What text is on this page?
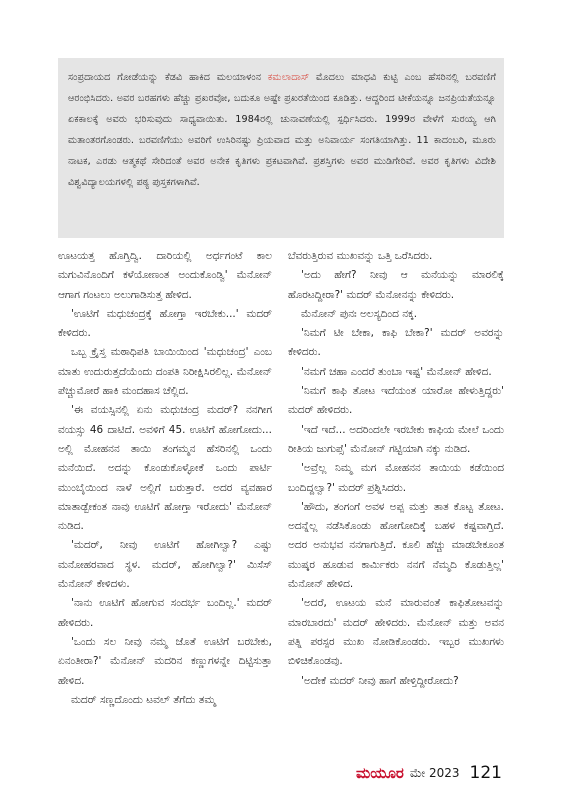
ಸಂಪ್ರದಾಯದ ಗೋಡೆಯನ್ನು ಕೆಡವಿ ಹಾಕಿದ ಮಲಯಾಳಂನ ಕಮಲಾದಾಸ್ ಮೊದಲು ಮಾಧವಿ ಕುಟ್ಟಿ ಎಂಬ ಹೆಸರಿನಲ್ಲಿ ಬರವಣಿಗೆ ಆರಂಭಿಸಿದರು. ಅವರ ಬರಹಗಳು ಹೆಚ್ಚು ಪ್ರಖರವೋ, ಬದುಕೂ ಅಷ್ಟೇ ಪ್ರಖರತೆಯಿಂದ ಕೂಡಿತ್ತು. ಆದ್ದರಿಂದ ಟೀಕೆಯನ್ನೂ ಜನಪ್ರಿಯತೆಯನ್ನೂ ಏಕಕಾಲಕ್ಕೆ ಅವರು ಭರಿಸುವುದು ಸಾಧ್ಯವಾಯಿತು. 1984ರಲ್ಲಿ ಚುನಾವಣೆಯಲ್ಲಿ ಸ್ಪರ್ಧಿಸಿದರು. 1999ರ ವೇಳೆಗೆ ಸುರಯ್ಯ ಆಗಿ ಮತಾಂತರಗೊಂಡರು. ಬರವಣಿಗೆಯು ಅವರಿಗೆ ಉಸಿರಿನಷ್ಟು ಪ್ರಿಯವಾದ ಮತ್ತು ಅನಿವಾರ್ಯ ಸಂಗತಿಯಾಗಿತ್ತು. 11 ಕಾದಂಬರಿ, ಮೂರು ನಾಟಕ, ಎರಡು ಆತ್ಮಕಥೆ ಸೇರಿದಂತೆ ಅವರ ಅನೇಕ ಕೃತಿಗಳು ಪ್ರಕಟವಾಗಿವೆ. ಪ್ರಶಸ್ತಿಗಳು ಅವರ ಮುಡಿಗೇರಿವೆ. ಅವರ ಕೃತಿಗಳು ವಿದೇಶಿ ವಿಶ್ವವಿದ್ಯಾಲಯಗಳಲ್ಲಿ ಪಠ್ಯ ಪುಸ್ತಕಗಳಾಗಿವೆ.

ಊಟಯತ್ತ ಹೊಗ್ತಿದ್ವಿ. ದಾರಿಯಲ್ಲಿ ಅರ್ಧಗಂಟೆ ಕಾಲ ಮಗುವಿನೊಂದಿಗೆ ಕಳೆಯೋಣಂತ ಅಂದುಕೊಂಡ್ವಿ' ಮೆನೋನ್ ಆಗಾಗ ಗಂಟಲು ಅಲುಗಾಡಿಸುತ್ತ ಹೇಳಿದ.

'ಊಟಿಗೆ ಮಧುಚಂದ್ರಕ್ಕೆ ಹೋಗ್ತಾ ಇರಬೇಕು...' ಮದರ್ ಕೇಳಿದರು.

ಒಬ್ಬ ಕ್ರೈಸ್ತ ಮಠಾಧಿಪತಿ ಬಾಯಿಯಿಂದ 'ಮಧುಚಂದ್ರ' ಎಂಬ ಮಾತು ಉದುರುತ್ತದೆಯೆಂದು ದಂಪತಿ ನಿರೀಕ್ಷಿಸಿರಲಿಲ್ಲ. ಮೆನೋನ್ ಪೆಚ್ಚುಮೋರೆ ಹಾಕಿ ಮಂದಹಾಸ ಚೆಲ್ಲಿದ.

'ಈ ವಯಸ್ಸಿನಲ್ಲಿ ಏನು ಮಧುಚಂದ್ರ ಮದರ್? ನನಗೀಗ ವಯಸ್ಸು 46 ದಾಟಿದೆ. ಅವಳಿಗೆ 45. ಊಟಿಗೆ ಹೋಗೋದು... ಅಲ್ಲಿ ಮೋಹನನ ತಾಯಿ ತಂಗಮ್ಮನ ಹೆಸರಿನಲ್ಲಿ ಒಂದು ಮನೆಯಿದೆ. ಅದನ್ನು ಕೊಂಡುಕೊಳ್ಳೋಕೆ ಒಂದು ಪಾರ್ಟಿ ಮುಂಬೈಯಿಂದ ನಾಳೆ ಅಲ್ಲಿಗೆ ಬರುತ್ತಾರೆ. ಅದರ ವ್ಯವಹಾರ ಮಾತಾಡ್ಬೇಕಂತ ನಾವು ಊಟಿಗೆ ಹೋಗ್ತಾ ಇರೋದು' ಮೆನೋನ್ ನುಡಿದ.

'ಮದರ್, ನೀವು ಊಟಿಗೆ ಹೋಗಿಲ್ವಾ? ಎಷ್ಟು ಮನೋಹರವಾದ ಸ್ಥಳ. ಮದರ್, ಹೋಗಿಲ್ವಾ?' ಮಿಸೆಸ್ ಮೆನೋನ್ ಕೇಳಿದಳು.

'ನಾನು ಊಟಿಗೆ ಹೋಗುವ ಸಂದರ್ಭ ಬಂದಿಲ್ಲ.' ಮದರ್ ಹೇಳಿದರು.

'ಒಂದು ಸಲ ನೀವು ನಮ್ಮ ಜೊತೆ ಊಟಿಗೆ ಬರಬೇಕು, ಏನಂತೀರಾ?' ಮೆನೋನ್ ಮದರಿನ ಕಣ್ಣುಗಳನ್ನೇ ದಿಟ್ಟಿಸುತ್ತಾ ಹೇಳಿದ.

ಮದರ್ ಸಣ್ಣದೊಂದು ಟವಲ್ ತೆಗೆದು ತಮ್ಮ

ಬೆವರುತ್ತಿರುವ ಮುಖವನ್ನು ಒತ್ತಿ ಒರೆಸಿದರು.

'ಅದು ಹೇಗೆ? ನೀವು ಆ ಮನೆಯನ್ನು ಮಾರಲಿಕ್ಕೆ ಹೊರಟದ್ದೀರಾ?' ಮದರ್ ಮೆನೋನನ್ನು ಕೇಳಿದರು.

ಮೆನೋನ್ ಪುನಃ ಅಲಸ್ಯದಿಂದ ನಕ್ಕ.

'ನಿಮಗೆ ಟೀ ಬೇಕಾ, ಕಾಫಿ ಬೇಕಾ?' ಮದರ್ ಅವರನ್ನು ಕೇಳಿದರು.

'ನಮಗೆ ಚಹಾ ಎಂದರೆ ತುಂಬಾ ಇಷ್ಟ' ಮೆನೋನ್ ಹೇಳಿದ.

'ನಿಮಗೆ ಕಾಫಿ ತೋಟ ಇದೆಯಂತ ಯಾರೋ ಹೇಳುತ್ತಿದ್ದರು' ಮದರ್ ಹೇಳಿದರು.

'ಇದೆ ಇದೆ... ಅದರಿಂದಲೇ ಇರಬೇಕು ಕಾಫಿಯ ಮೇಲೆ ಒಂದು ರೀತಿಯ ಜುಗುಪ್ಸೆ' ಮೆನೋನ್ ಗಟ್ಟಿಯಾಗಿ ನಕ್ಕು ನುಡಿದ.

'ಅವ್ರೆಲ್ಲ ನಿಮ್ಮ ಮಗ ಮೋಹನನ ತಾಯಿಯ ಕಡೆಯಿಂದ ಬಂದಿದ್ದಲ್ವಾ?' ಮದರ್ ಪ್ರಶ್ನಿಸಿದರು.

'ಹೌದು, ತಂಗಂಗೆ ಅವಳ ಅಪ್ಪ ಮತ್ತು ತಾತ ಕೊಟ್ಟ ತೋಟ. ಅದನ್ನೆಲ್ಲ ನಡೆಸಿಕೊಂಡು ಹೋಗೋದಿಕ್ಕೆ ಬಹಳ ಕಷ್ಟವಾಗ್ತಿದೆ. ಅದರ ಅನುಭವ ನನಗಾಗುತ್ತಿದೆ. ಕೂಲಿ ಹೆಚ್ಚು ಮಾಡಬೇಕೂಂತ ಮುಷ್ಕರ ಹೂಡುವ ಕಾರ್ಮಿಕರು ನನಗೆ ನೆಮ್ಮದಿ ಕೊಡುತ್ತಿಲ್ಲ' ಮೆನೋನ್ ಹೇಳಿದ.

'ಅದರೆ, ಊಟಯ ಮನೆ ಮಾರುವಂತೆ ಕಾಫಿತೋಟವನ್ನು ಮಾರಬಾರದು' ಮದರ್ ಹೇಳಿದರು. ಮೆನೋನ್ ಮತ್ತು ಅವನ ಪತ್ನಿ ಪರಸ್ಪರ ಮುಖ ನೋಡಿಕೊಂಡರು. ಇಬ್ಬರ ಮುಖಗಳು ಬಿಳಿಚಿಕೊಂಡವು.

'ಅದೇಕೆ ಮದರ್ ನೀವು ಹಾಗೆ ಹೇಳ್ತಿದ್ದೀರೋದು?

ಮಯೂರ ಮೇ 2023 121
